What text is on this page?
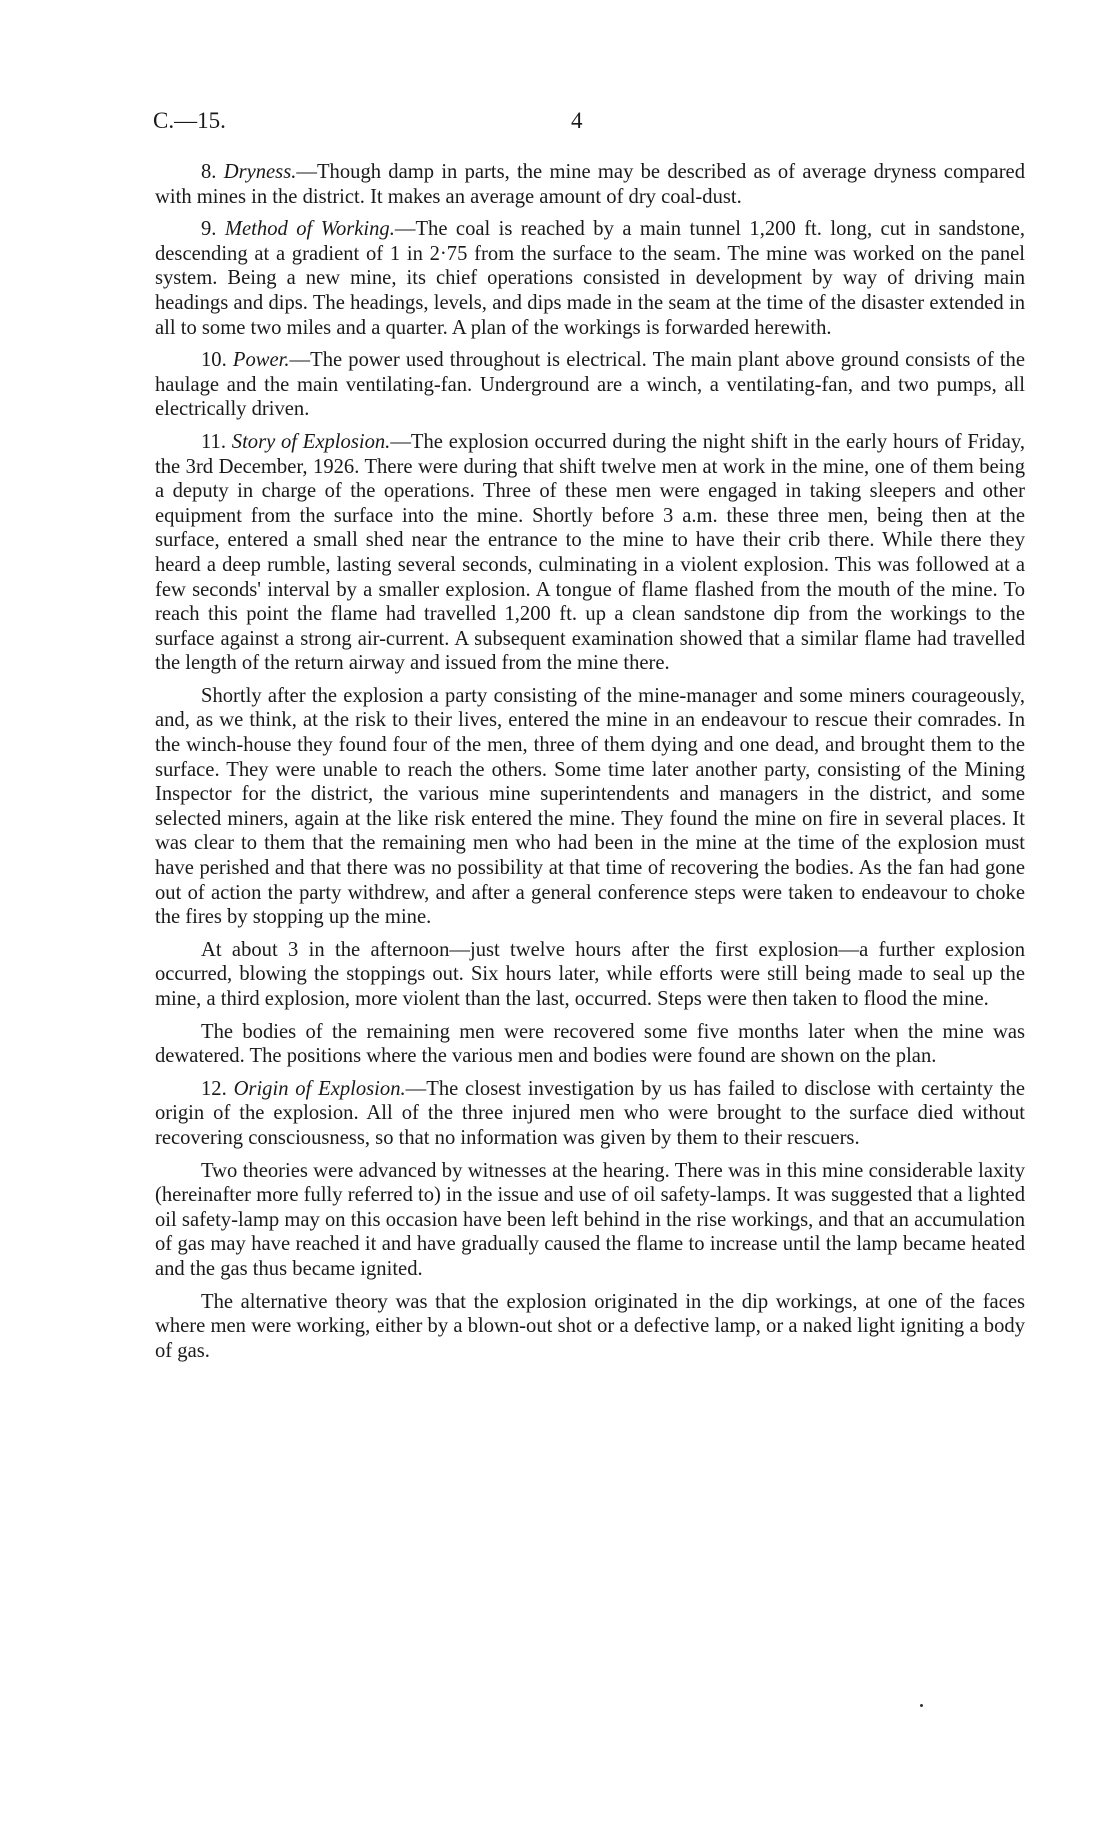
C.—15.	4

8. Dryness.—Though damp in parts, the mine may be described as of average dryness compared with mines in the district. It makes an average amount of dry coal-dust.

9. Method of Working.—The coal is reached by a main tunnel 1,200 ft. long, cut in sandstone, descending at a gradient of 1 in 2·75 from the surface to the seam. The mine was worked on the panel system. Being a new mine, its chief operations consisted in development by way of driving main headings and dips. The headings, levels, and dips made in the seam at the time of the disaster extended in all to some two miles and a quarter. A plan of the workings is forwarded herewith.

10. Power.—The power used throughout is electrical. The main plant above ground consists of the haulage and the main ventilating-fan. Underground are a winch, a ventilating-fan, and two pumps, all electrically driven.

11. Story of Explosion.—The explosion occurred during the night shift in the early hours of Friday, the 3rd December, 1926. There were during that shift twelve men at work in the mine, one of them being a deputy in charge of the operations. Three of these men were engaged in taking sleepers and other equipment from the surface into the mine. Shortly before 3 a.m. these three men, being then at the surface, entered a small shed near the entrance to the mine to have their crib there. While there they heard a deep rumble, lasting several seconds, culminating in a violent explosion. This was followed at a few seconds' interval by a smaller explosion. A tongue of flame flashed from the mouth of the mine. To reach this point the flame had travelled 1,200 ft. up a clean sandstone dip from the workings to the surface against a strong air-current. A subsequent examination showed that a similar flame had travelled the length of the return airway and issued from the mine there.

Shortly after the explosion a party consisting of the mine-manager and some miners courageously, and, as we think, at the risk to their lives, entered the mine in an endeavour to rescue their comrades. In the winch-house they found four of the men, three of them dying and one dead, and brought them to the surface. They were unable to reach the others. Some time later another party, consisting of the Mining Inspector for the district, the various mine superintendents and managers in the district, and some selected miners, again at the like risk entered the mine. They found the mine on fire in several places. It was clear to them that the remaining men who had been in the mine at the time of the explosion must have perished and that there was no possibility at that time of recovering the bodies. As the fan had gone out of action the party withdrew, and after a general conference steps were taken to endeavour to choke the fires by stopping up the mine.

At about 3 in the afternoon—just twelve hours after the first explosion—a further explosion occurred, blowing the stoppings out. Six hours later, while efforts were still being made to seal up the mine, a third explosion, more violent than the last, occurred. Steps were then taken to flood the mine.

The bodies of the remaining men were recovered some five months later when the mine was dewatered. The positions where the various men and bodies were found are shown on the plan.

12. Origin of Explosion.—The closest investigation by us has failed to disclose with certainty the origin of the explosion. All of the three injured men who were brought to the surface died without recovering consciousness, so that no information was given by them to their rescuers.

Two theories were advanced by witnesses at the hearing. There was in this mine considerable laxity (hereinafter more fully referred to) in the issue and use of oil safety-lamps. It was suggested that a lighted oil safety-lamp may on this occasion have been left behind in the rise workings, and that an accumulation of gas may have reached it and have gradually caused the flame to increase until the lamp became heated and the gas thus became ignited.

The alternative theory was that the explosion originated in the dip workings, at one of the faces where men were working, either by a blown-out shot or a defective lamp, or a naked light igniting a body of gas.
